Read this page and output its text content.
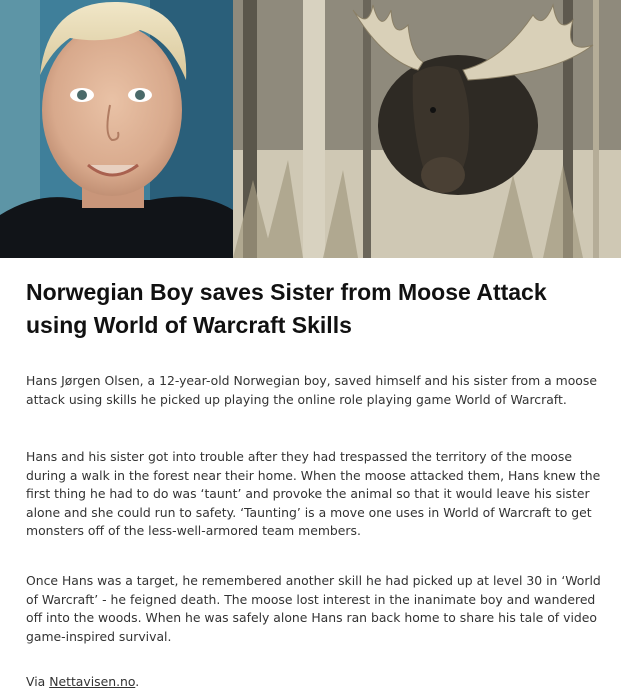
Norwegian Boy saves Sister from Moose Attack using World of Warcraft Skills

Hans Jørgen Olsen, a 12-year-old Norwegian boy, saved himself and his sister from a moose attack using skills he picked up playing the online role playing game World of Warcraft.

Hans and his sister got into trouble after they had trespassed the territory of the moose during a walk in the forest near their home. When the moose attacked them, Hans knew the first thing he had to do was ‘taunt’ and provoke the animal so that it would leave his sister alone and she could run to safety. ‘Taunting’ is a move one uses in World of Warcraft to get monsters off of the less-well-armored team members.

Once Hans was a target, he remembered another skill he had picked up at level 30 in ‘World of Warcraft’ - he feigned death. The moose lost interest in the inanimate boy and wandered off into the woods. When he was safely alone Hans ran back home to share his tale of video game-inspired survival.

Via Nettavisen.no.
